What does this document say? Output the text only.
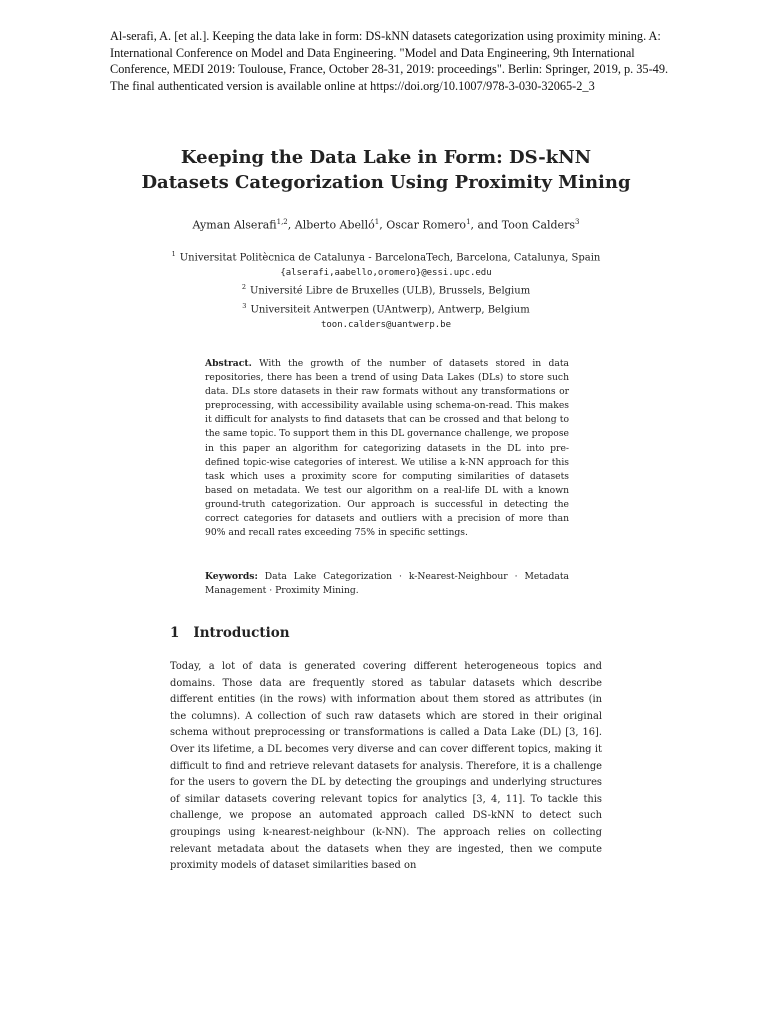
Al-serafi, A. [et al.]. Keeping the data lake in form: DS-kNN datasets categorization using proximity mining. A:
International Conference on Model and Data Engineering. "Model and Data Engineering, 9th International
Conference, MEDI 2019: Toulouse, France, October 28-31, 2019: proceedings". Berlin: Springer, 2019, p. 35-49.
The final authenticated version is available online at https://doi.org/10.1007/978-3-030-32065-2_3
Keeping the Data Lake in Form: DS-kNN
Datasets Categorization Using Proximity Mining
Ayman Alserafi$^{1,2}$, Alberto Abelló$^1$, Oscar Romero$^1$, and Toon Calders$^3$
$^1$ Universitat Politècnica de Catalunya - BarcelonaTech, Barcelona, Catalunya, Spain
{alserafi,aabello,oromero}@essi.upc.edu
$^2$ Université Libre de Bruxelles (ULB), Brussels, Belgium
$^3$ Universiteit Antwerpen (UAntwerp), Antwerp, Belgium
toon.calders@uantwerp.be
Abstract. With the growth of the number of datasets stored in data repositories, there has been a trend of using Data Lakes (DLs) to store such data. DLs store datasets in their raw formats without any transformations or preprocessing, with accessibility available using schema-on-read. This makes it difficult for analysts to find datasets that can be crossed and that belong to the same topic. To support them in this DL governance challenge, we propose in this paper an algorithm for categorizing datasets in the DL into pre-defined topic-wise categories of interest. We utilise a k-NN approach for this task which uses a proximity score for computing similarities of datasets based on metadata. We test our algorithm on a real-life DL with a known ground-truth categorization. Our approach is successful in detecting the correct categories for datasets and outliers with a precision of more than 90% and recall rates exceeding 75% in specific settings.
Keywords: Data Lake Categorization · k-Nearest-Neighbour · Metadata Management · Proximity Mining.
1 Introduction
Today, a lot of data is generated covering different heterogeneous topics and domains. Those data are frequently stored as tabular datasets which describe different entities (in the rows) with information about them stored as attributes (in the columns). A collection of such raw datasets which are stored in their original schema without preprocessing or transformations is called a Data Lake (DL) [3, 16]. Over its lifetime, a DL becomes very diverse and can cover different topics, making it difficult to find and retrieve relevant datasets for analysis. Therefore, it is a challenge for the users to govern the DL by detecting the groupings and underlying structures of similar datasets covering relevant topics for analytics [3, 4, 11]. To tackle this challenge, we propose an automated approach called DS-kNN to detect such groupings using k-nearest-neighbour (k-NN). The approach relies on collecting relevant metadata about the datasets when they are ingested, then we compute proximity models of dataset similarities based on
